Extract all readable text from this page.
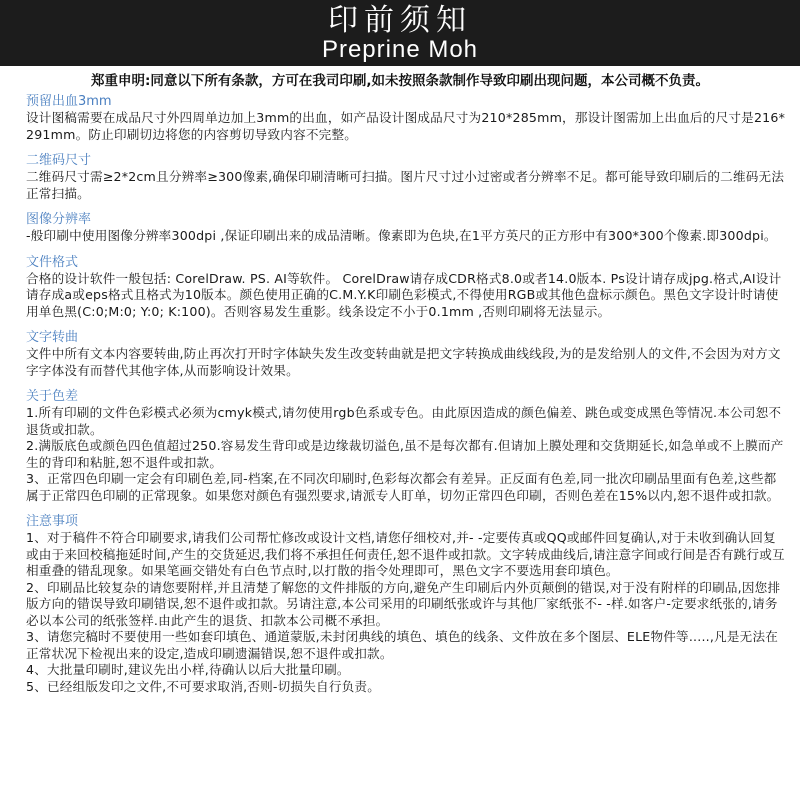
印前须知
Preprine Moh
郑重申明:同意以下所有条款，方可在我司印刷,如未按照条款制作导致印刷出现问题，本公司概不负责。
预留出血3mm
设计图稿需要在成品尺寸外四周单边加上3mm的出血，如产品设计图成品尺寸为210*285mm，那设计图需加上出血后的尺寸是216* 291mm。防止印刷切边将您的内容剪切导致内容不完整。
二维码尺寸
二维码尺寸需≥2*2cm且分辨率≥300像素,确保印刷清晰可扫描。图片尺寸过小过密或者分辨率不足。都可能导致印刷后的二维码无法正常扫描。
图像分辨率
-般印刷中使用图像分辨率300dpi ,保证印刷出来的成品清晰。像素即为色块,在1平方英尺的正方形中有300*300个像素.即300dpi。
文件格式
合格的设计软件一般包括: CorelDraw. PS. AI等软件。 CorelDraw请存成CDR格式8.0或者14.0版本. Ps设计请存成jpg.格式,AI设计请存成a或eps格式且格式为10版本。颜色使用正确的C.M.Y.K印刷色彩模式,不得使用RGB或其他色盘标示颜色。黑色文字设计时请使用单色黑(C:0;M:0; Y:0; K:100)。否则容易发生重影。线条设定不小于0.1mm ,否则印刷将无法显示。
文字转曲
文件中所有文本内容要转曲,防止再次打开时字体缺失发生改变转曲就是把文字转换成曲线线段,为的是发给别人的文件,不会因为对方文字字体没有而替代其他字体,从而影响设计效果。
关于色差
1.所有印刷的文件色彩模式必须为cmyk模式,请勿使用rgb色系或专色。由此原因造成的颜色偏差、跳色或变成黑色等情况.本公司恕不退货或扣款。
2.满版底色或颜色四色值超过250.容易发生背印或是边缘裁切溢色,虽不是每次都有.但请加上膜处理和交货期延长,如急单或不上膜而产生的背印和粘脏,恕不退件或扣款。
3、正常四色印刷一定会有印刷色差,同-档案,在不同次印刷时,色彩每次都会有差异。正反面有色差,同一批次印刷品里面有色差,这些都属于正常四色印刷的正常现象。如果您对颜色有强烈要求,请派专人盯单，切勿正常四色印刷，否则色差在15%以内,恕不退件或扣款。
注意事项
1、对于稿件不符合印刷要求,请我们公司帮忙修改或设计文档,请您仔细校对,并- -定要传真或QQ或邮件回复确认,对于未收到确认回复或由于来回校稿拖延时间,产生的交货延迟,我们将不承担任何责任,恕不退件或扣款。文字转成曲线后,请注意字间或行间是否有跳行或互相重叠的错乱现象。如果笔画交错处有白色节点时,以打散的指令处理即可，黑色文字不要选用套印填色。
2、印刷品比较复杂的请您要附样,并且清楚了解您的文件排版的方向,避免产生印刷后内外页颠倒的错误,对于没有附样的印刷品,因您排版方向的错误导致印刷错误,恕不退件或扣款。另请注意,本公司采用的印刷纸张或许与其他厂家纸张不- -样.如客户-定要求纸张的,请务必以本公司的纸张签样.由此产生的退货、扣款本公司概不承担。
3、请您完稿时不要使用一些如套印填色、通道蒙版,未封闭典线的填色、填色的线条、文件放在多个图层、ELE物件等.....,凡是无法在正常状况下检视出来的设定,造成印刷遗漏错误,恕不退件或扣款。
4、大批量印刷时,建议先出小样,待确认以后大批量印刷。
5、已经组版发印之文件,不可要求取消,否则-切损失自行负责。
